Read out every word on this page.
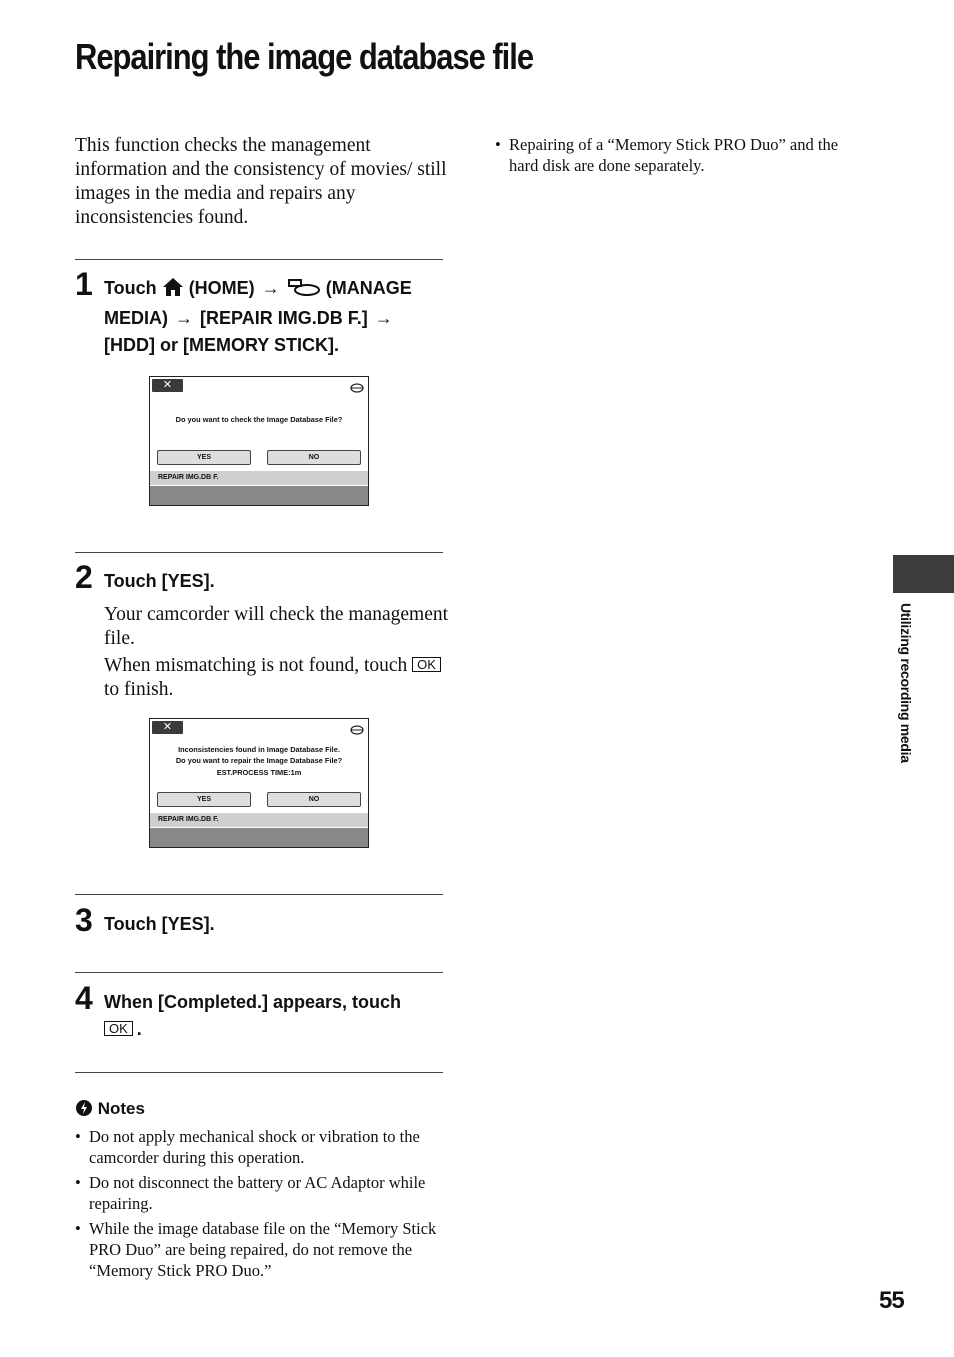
Repairing the image database file
This function checks the management information and the consistency of movies/ still images in the media and repairs any inconsistencies found.
• Repairing of a “Memory Stick PRO Duo” and the hard disk are done separately.
1 Touch (HOME) →	(MANAGE MEDIA) → [REPAIR IMG.DB F.] → [HDD] or [MEMORY STICK].
✕
Do you want to check the Image Database File?
YES	NO
REPAIR IMG.DB F.
2 Touch [YES].

Your camcorder will check the management file.

When mismatching is not found, touch OKto finish.

✕
Inconsistencies found in Image Database File.
Do you want to repair the Image Database File?
EST.PROCESS TIME:1m
YES	NO
REPAIR IMG.DB F.
3 Touch [YES].
4 When [Completed.] appears, touch
OK .
Notes
• Do not apply mechanical shock or vibration to the camcorder during this operation.
• Do not disconnect the battery or AC Adaptor while repairing.
• While the image database file on the “Memory Stick PRO Duo” are being repaired, do not remove the “Memory Stick PRO Duo.”
Utilizing recording media
55
